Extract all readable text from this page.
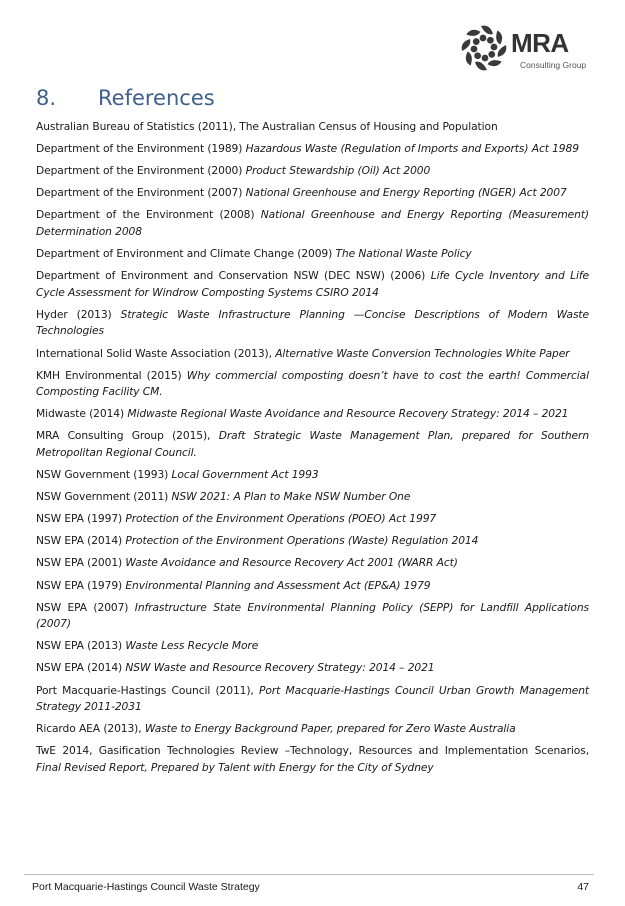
MRA
Consulting Group
8. References

Australian Bureau of Statistics (2011), The Australian Census of Housing and Population

Department of the Environment (1989) Hazardous Waste (Regulation of Imports and Exports) Act 1989

Department of the Environment (2000) Product Stewardship (Oil) Act 2000

Department of the Environment (2007) National Greenhouse and Energy Reporting (NGER) Act 2007

Department of the Environment (2008) National Greenhouse and Energy Reporting (Measurement) Determination 2008

Department of Environment and Climate Change (2009) The National Waste Policy

Department of Environment and Conservation NSW (DEC NSW) (2006) Life Cycle Inventory and Life Cycle Assessment for Windrow Composting Systems CSIRO 2014

Hyder (2013) Strategic Waste Infrastructure Planning —Concise Descriptions of Modern Waste Technologies

International Solid Waste Association (2013), Alternative Waste Conversion Technologies White Paper

KMH Environmental (2015) Why commercial composting doesn’t have to cost the earth! Commercial Composting Facility CM.

Midwaste (2014) Midwaste Regional Waste Avoidance and Resource Recovery Strategy: 2014 – 2021

MRA Consulting Group (2015), Draft Strategic Waste Management Plan, prepared for Southern Metropolitan Regional Council.

NSW Government (1993) Local Government Act 1993

NSW Government (2011) NSW 2021: A Plan to Make NSW Number One

NSW EPA (1997) Protection of the Environment Operations (POEO) Act 1997

NSW EPA (2014) Protection of the Environment Operations (Waste) Regulation 2014

NSW EPA (2001) Waste Avoidance and Resource Recovery Act 2001 (WARR Act)

NSW EPA (1979) Environmental Planning and Assessment Act (EP&A) 1979

NSW EPA (2007) Infrastructure State Environmental Planning Policy (SEPP) for Landfill Applications (2007)

NSW EPA (2013) Waste Less Recycle More

NSW EPA (2014) NSW Waste and Resource Recovery Strategy: 2014 – 2021

Port Macquarie-Hastings Council (2011), Port Macquarie-Hastings Council Urban Growth Management Strategy 2011-2031

Ricardo AEA (2013), Waste to Energy Background Paper, prepared for Zero Waste Australia

TwE 2014, Gasification Technologies Review –Technology, Resources and Implementation Scenarios, Final Revised Report, Prepared by Talent with Energy for the City of Sydney

Port Macquarie-Hastings Council Waste Strategy	47
